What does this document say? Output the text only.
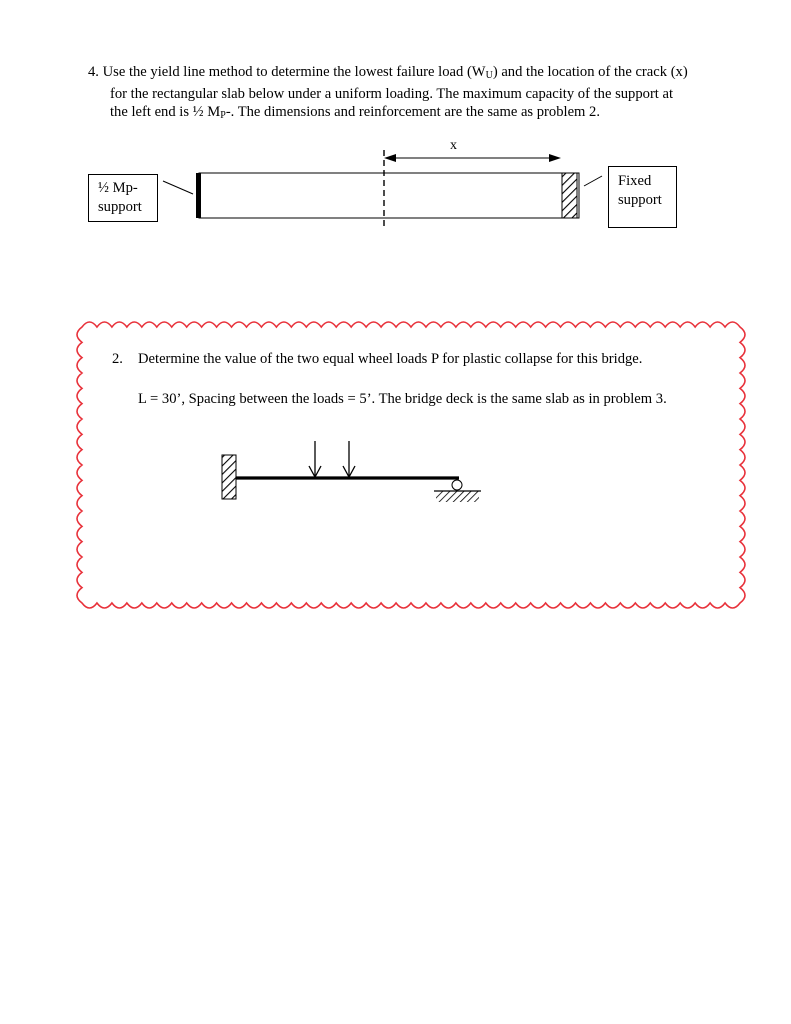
4. Use the yield line method to determine the lowest failure load $(W_U)$ and the location of the crack (x) for the rectangular slab below under a uniform loading. The maximum capacity of the support at the left end is ½ $M_P-$. The dimensions and reinforcement are the same as problem 2.
x
½ Mp-
support
Fixed
support
2. Determine the value of the two equal wheel loads P for plastic collapse for this bridge.
L = 30’, Spacing between the loads = 5’. The bridge deck is the same slab as in problem 3.
